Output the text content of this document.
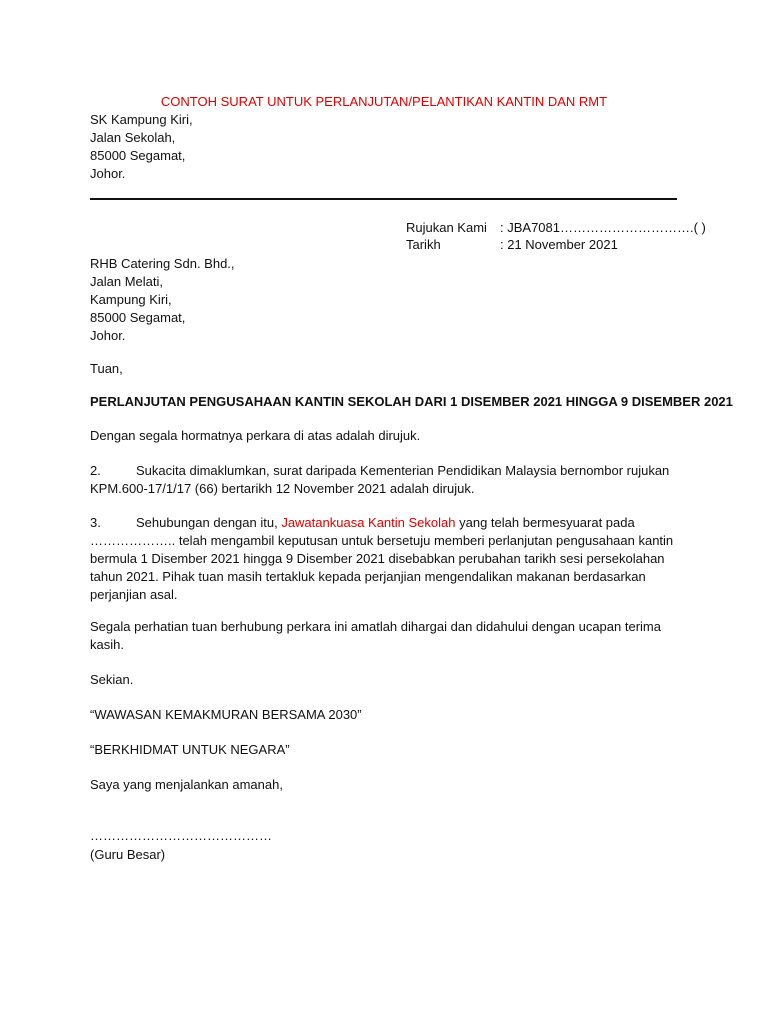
CONTOH SURAT UNTUK PERLANJUTAN/PELANTIKAN KANTIN DAN RMT
SK Kampung Kiri,
Jalan Sekolah,
85000 Segamat,
Johor.
Rujukan Kami	: JBA7081………………………….( )
Tarikh	: 21 November 2021
RHB Catering Sdn. Bhd.,
Jalan Melati,
Kampung Kiri,
85000 Segamat,
Johor.
Tuan,
PERLANJUTAN PENGUSAHAAN KANTIN SEKOLAH DARI 1 DISEMBER 2021 HINGGA 9 DISEMBER 2021
Dengan segala hormatnya perkara di atas adalah dirujuk.
2.	Sukacita dimaklumkan, surat daripada Kementerian Pendidikan Malaysia bernombor rujukan KPM.600-17/1/17 (66) bertarikh 12 November 2021 adalah dirujuk.
3.	Sehubungan dengan itu, Jawatankuasa Kantin Sekolah yang telah bermesyuarat pada ……………….. telah mengambil keputusan untuk bersetuju memberi perlanjutan pengusahaan kantin bermula 1 Disember 2021 hingga 9 Disember 2021 disebabkan perubahan tarikh sesi persekolahan tahun 2021. Pihak tuan masih tertakluk kepada perjanjian mengendalikan makanan berdasarkan perjanjian asal.
Segala perhatian tuan berhubung perkara ini amatlah dihargai dan didahului dengan ucapan terima kasih.
Sekian.
“WAWASAN KEMAKMURAN BERSAMA 2030”
“BERKHIDMAT UNTUK NEGARA”
Saya yang menjalankan amanah,
……………………………………
(Guru Besar)
